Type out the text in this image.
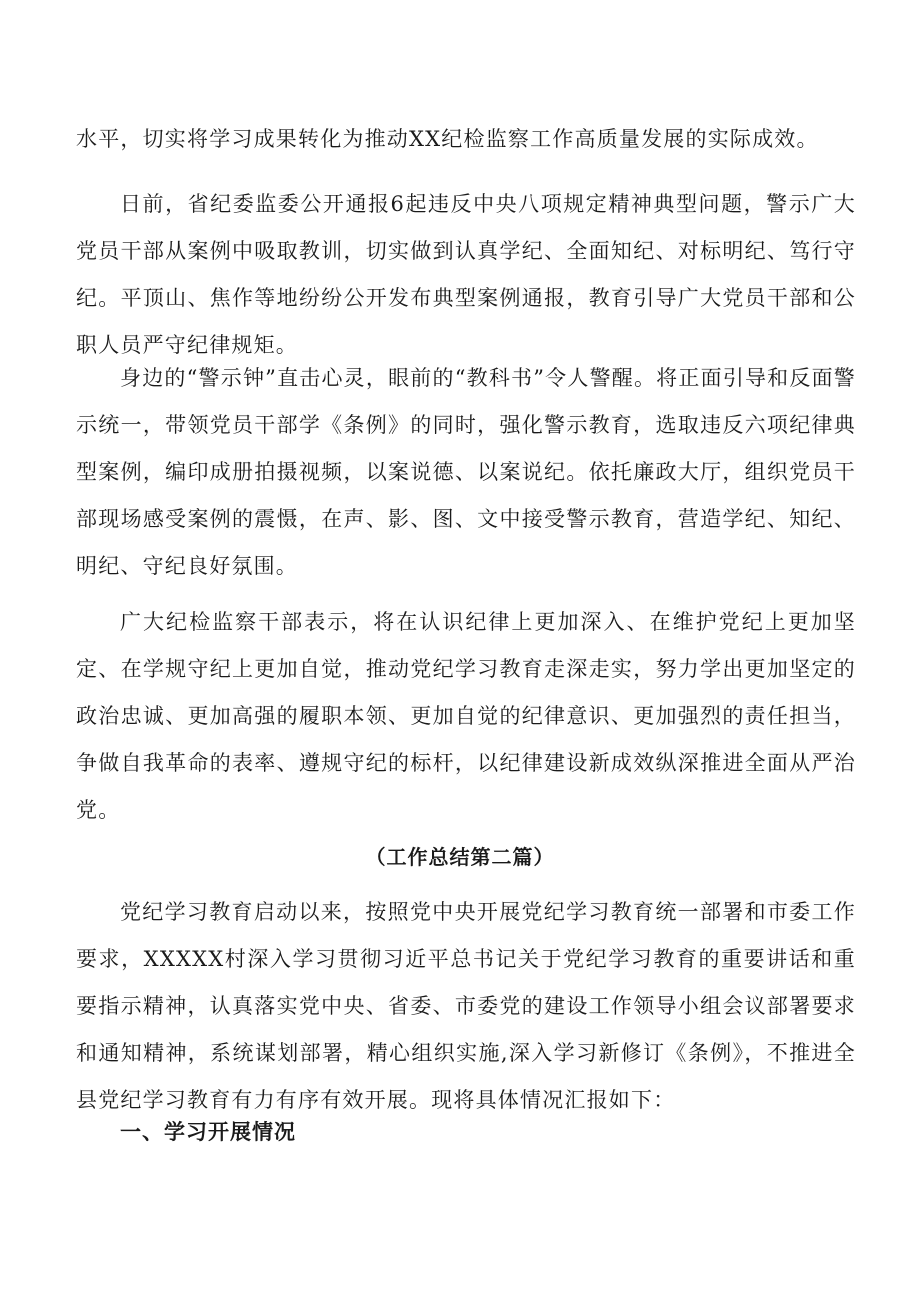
水平，切实将学习成果转化为推动XX纪检监察工作高质量发展的实际成效。

日前，省纪委监委公开通报6起违反中央八项规定精神典型问题，警示广大党员干部从案例中吸取教训，切实做到认真学纪、全面知纪、对标明纪、笃行守纪。平顶山、焦作等地纷纷公开发布典型案例通报，教育引导广大党员干部和公职人员严守纪律规矩。

身边的“警示钟”直击心灵，眼前的“教科书”令人警醒。将正面引导和反面警示统一，带领党员干部学《条例》的同时，强化警示教育，选取违反六项纪律典型案例，编印成册拍摄视频，以案说德、以案说纪。依托廉政大厅，组织党员干部现场感受案例的震慑，在声、影、图、文中接受警示教育，营造学纪、知纪、明纪、守纪良好氛围。

广大纪检监察干部表示，将在认识纪律上更加深入、在维护党纪上更加坚定、在学规守纪上更加自觉，推动党纪学习教育走深走实，努力学出更加坚定的政治忠诚、更加高强的履职本领、更加自觉的纪律意识、更加强烈的责任担当，争做自我革命的表率、遵规守纪的标杆，以纪律建设新成效纵深推进全面从严治党。

（工作总结第二篇）

党纪学习教育启动以来，按照党中央开展党纪学习教育统一部署和市委工作要求，XXXXX村深入学习贯彻习近平总书记关于党纪学习教育的重要讲话和重要指示精神，认真落实党中央、省委、市委党的建设工作领导小组会议部署要求和通知精神，系统谋划部署，精心组织实施,深入学习新修订《条例》，不推进全县党纪学习教育有力有序有效开展。现将具体情况汇报如下：

一、学习开展情况
